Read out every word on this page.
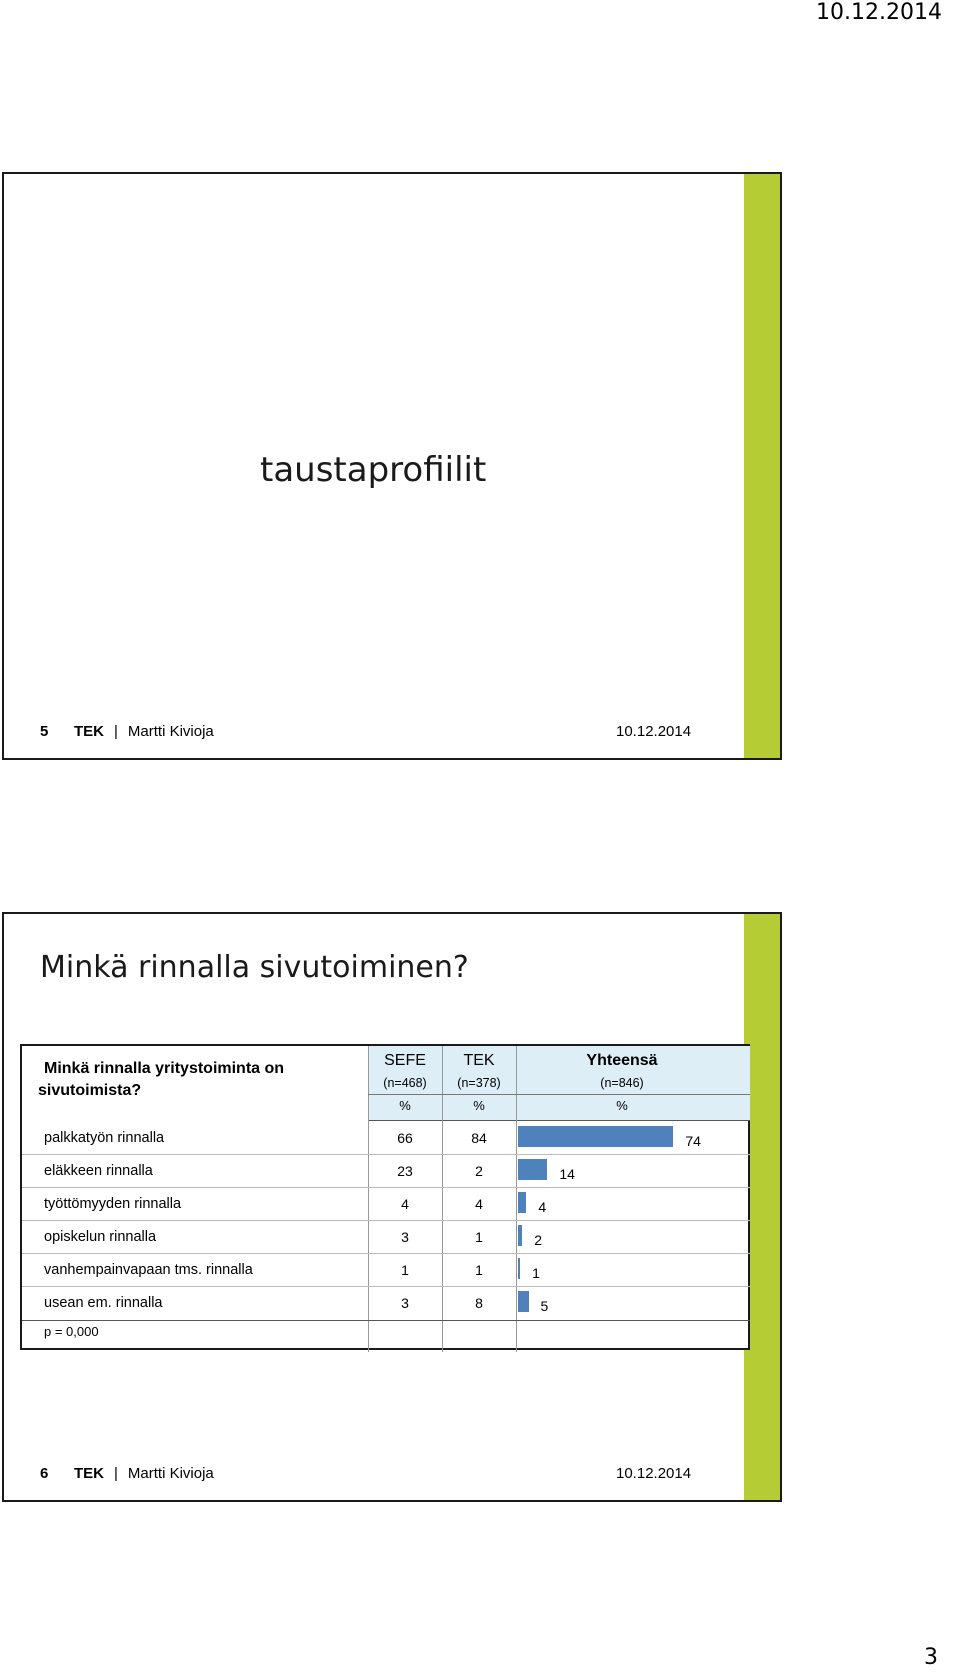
10.12.2014
taustaprofiilit
5	TEK | Martti Kivioja	10.12.2014
Minkä rinnalla sivutoiminen?
Minkä rinnalla yritystoiminta on
sivutoimista?
SEFE
(n=468)
%
TEK
(n=378)
%
Yhteensä
(n=846)
%
palkkatyön rinnalla	66	84	74
eläkkeen rinnalla	23	2	14
työttömyyden rinnalla	4	4	4
opiskelun rinnalla	3	1	2
vanhempainvapaan tms. rinnalla	1	1	1
usean em. rinnalla	3	8	5
p = 0,000
6	TEK | Martti Kivioja	10.12.2014
3
